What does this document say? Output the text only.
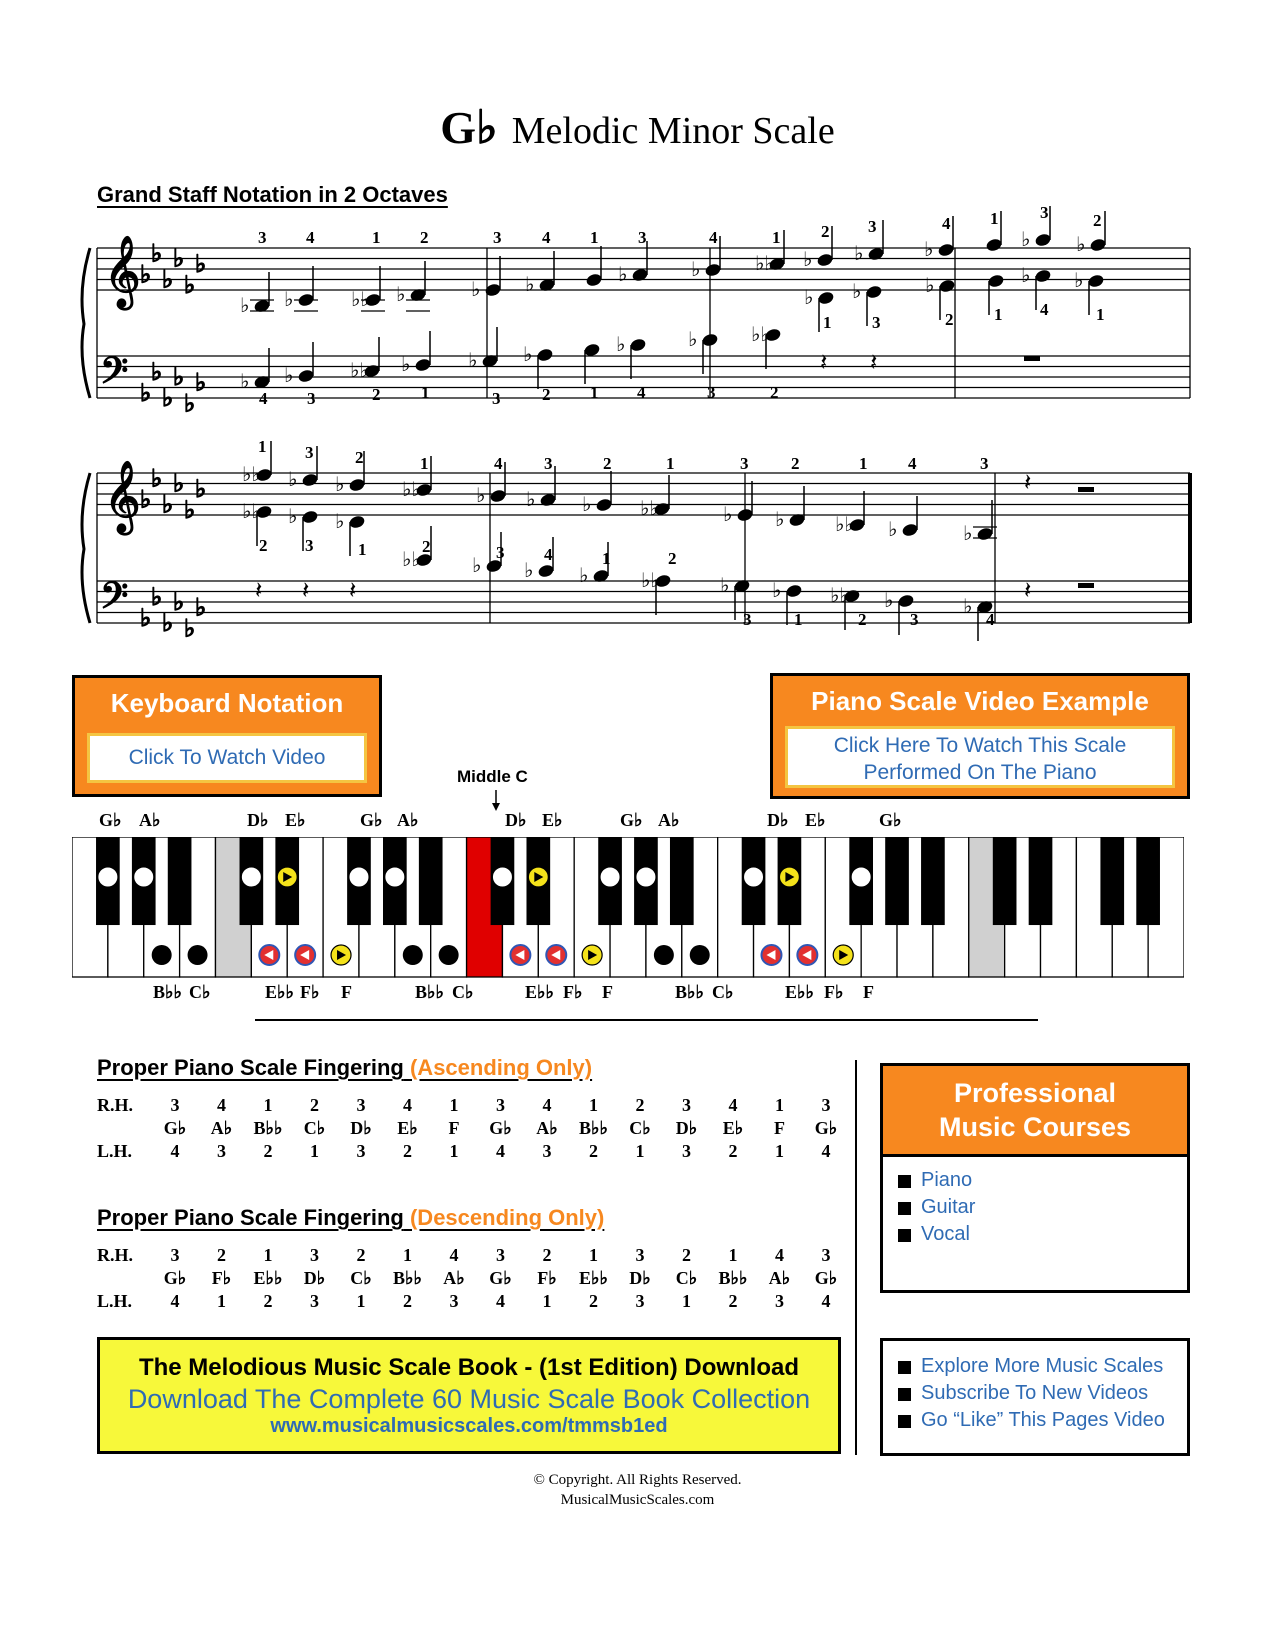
G♭ Melodic Minor Scale
Grand Staff Notation in 2 Octaves
𝄞
𝄢
♭
♭
♭
♭
♭
♭
♭
♭
♭
♭
♭
♭
𝄞
𝄢
♭
♭
♭
♭
♭
♭
♭
♭
♭
♭
♭
♭
♭ ♭	♭♭ ♭	♭ ♭	♭	♭	♭♭ ♭ ♭	♭	♭ ♭
♭ ♭	♭	♭ ♭
♭ ♭	♭♭ ♭	♭ ♭	♭	♭	♭♭
𝄽 𝄽
♭♭ ♭ ♭	♭♭	♭ ♭ ♭ ♭♭	♭ ♭	♭♭ ♭
♭♭ ♭ ♭	♭
𝄽
𝄽 𝄽 𝄽
♭♭	♭ ♭ ♭	♭♭	♭ ♭ ♭♭ ♭	♭
𝄽
3 4	1 2	3 4 1 3	4	1 2 3	4 1 3	2
1 3	2 1 4	1
4 3	2 1	3 2 1 4	3	2
1 3 2	1	4 3	2	1	3	2	1 4	3
2 3	1	2	3 4	1	2
3	1	2	3	4
Keyboard Notation
Click To Watch Video
Piano Scale Video Example
Click Here To Watch This Scale
Performed On The Piano
Middle C
G♭ A♭	D♭ E♭	G♭ A♭	D♭ E♭	G♭ A♭	D♭ E♭	G♭
B♭♭ C♭	E♭♭ F♭ F	B♭♭ C♭	E♭♭ F♭ F	B♭♭ C♭	E♭♭ F♭ F
Proper Piano Scale Fingering (Ascending Only)
R.H.
L.H.
3	4	1	2	3	4	1	3	4	1	2	3	4	1	3
G♭	A♭	B♭♭	C♭	D♭	E♭	F	G♭	A♭	B♭♭	C♭	D♭	E♭	F	G♭
4	3	2	1	3	2	1	4	3	2	1	3	2	1	4
Proper Piano Scale Fingering (Descending Only)
R.H.
L.H.
3	2	1	3	2	1	4	3	2	1	3	2	1	4	3
G♭	F♭	E♭♭	D♭	C♭	B♭♭	A♭	G♭	F♭	E♭♭	D♭	C♭	B♭♭	A♭	G♭
4	1	2	3	1	2	3	4	1	2	3	1	2	3	4
Professional
Music Courses
Piano
Guitar
Vocal
Explore More Music Scales
Subscribe To New Videos
Go “Like” This Pages Video
The Melodious Music Scale Book - (1st Edition) Download
Download The Complete 60 Music Scale Book Collection
www.musicalmusicscales.com/tmmsb1ed
© Copyright. All Rights Reserved.
MusicalMusicScales.com
